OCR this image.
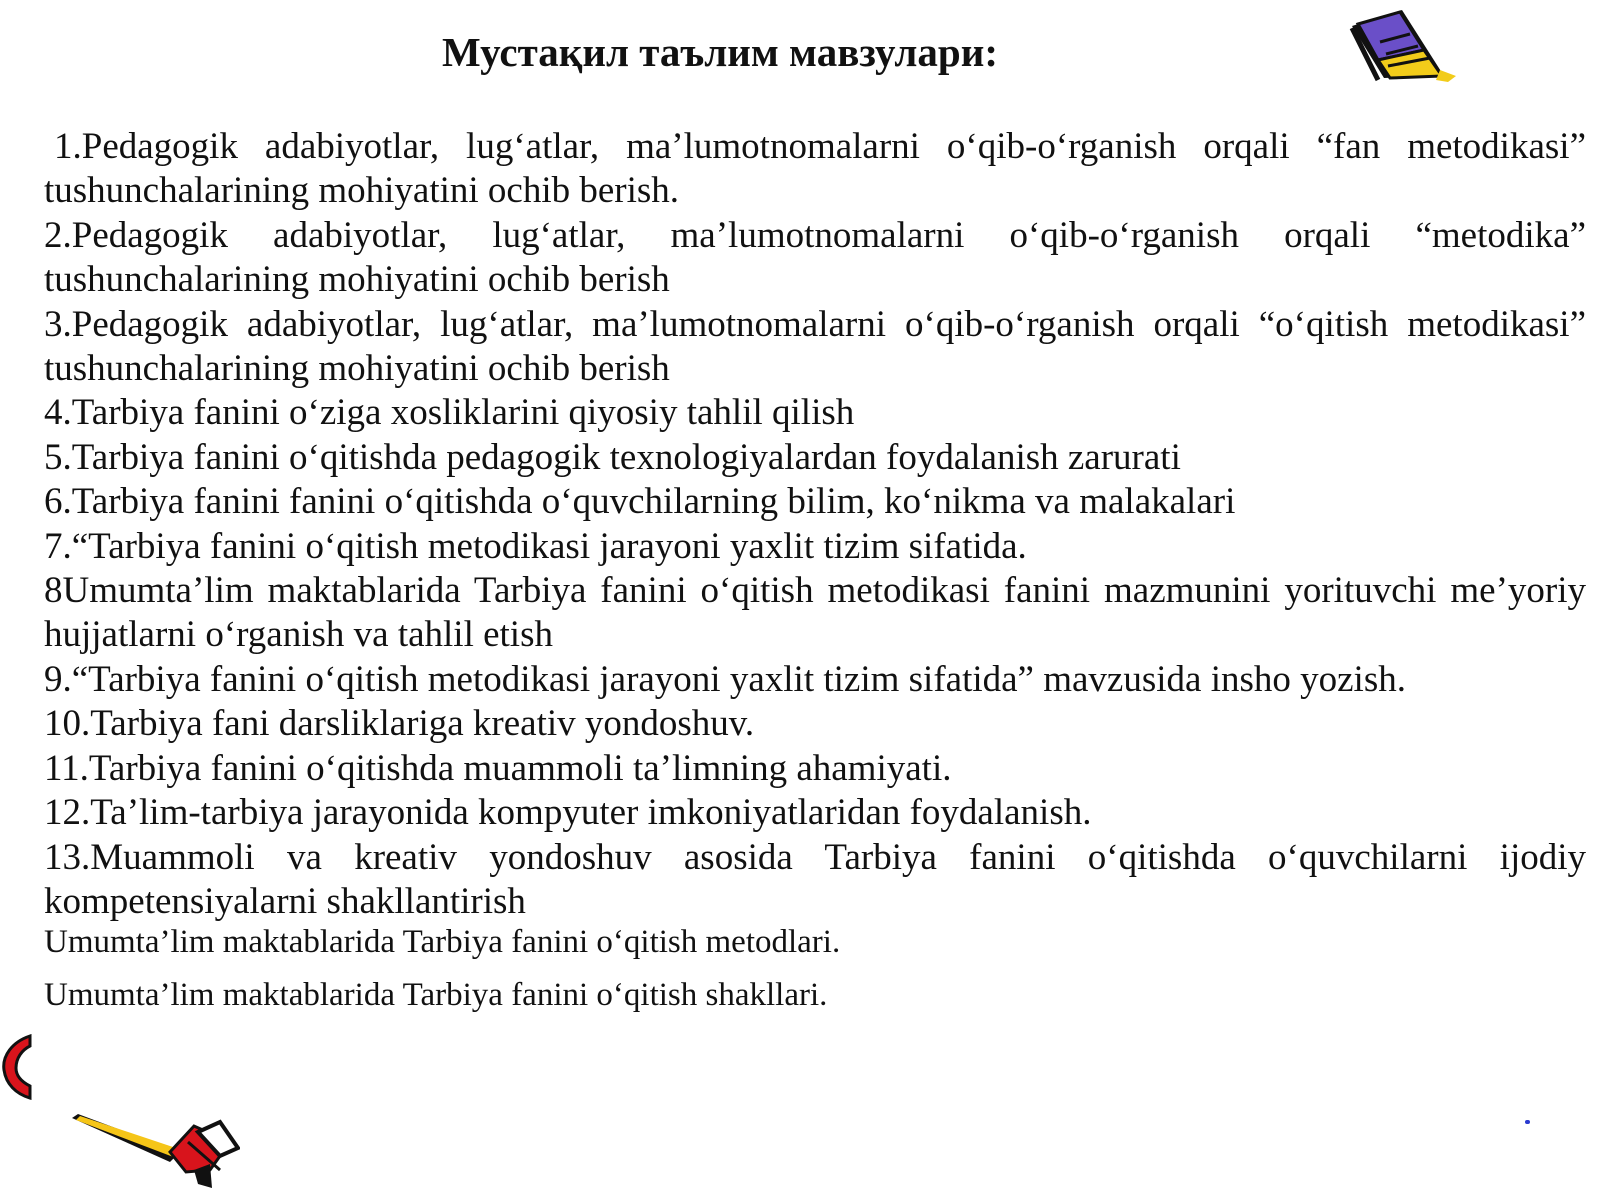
Мустақил таълим мавзулари:
1.Pedagogik adabiyotlar, lug‘atlar, ma’lumotnomalarni o‘qib-o‘rganish orqali “fan metodikasi” tushunchalarining mohiyatini ochib berish.
2.Pedagogik adabiyotlar, lug‘atlar, ma’lumotnomalarni o‘qib-o‘rganish orqali “metodika” tushunchalarining mohiyatini ochib berish
3.Pedagogik adabiyotlar, lug‘atlar, ma’lumotnomalarni o‘qib-o‘rganish orqali “o‘qitish metodikasi” tushunchalarining mohiyatini ochib berish
4.Tarbiya fanini o‘ziga xosliklarini qiyosiy tahlil qilish
5.Tarbiya fanini o‘qitishda pedagogik texnologiyalardan foydalanish zarurati
6.Tarbiya fanini fanini o‘qitishda o‘quvchilarning bilim, ko‘nikma va malakalari
7.“Tarbiya fanini o‘qitish metodikasi jarayoni yaxlit tizim sifatida.
8Umumta’lim maktablarida Tarbiya fanini o‘qitish metodikasi fanini mazmunini yorituvchi me’yoriy hujjatlarni o‘rganish va tahlil etish
9.“Tarbiya fanini o‘qitish metodikasi jarayoni yaxlit tizim sifatida” mavzusida insho yozish.
10.Tarbiya fani darsliklariga kreativ yondoshuv.
11.Tarbiya fanini o‘qitishda muammoli ta’limning ahamiyati.
12.Ta’lim-tarbiya jarayonida kompyuter imkoniyatlaridan foydalanish.
13.Muammoli va kreativ yondoshuv asosida Tarbiya fanini o‘qitishda o‘quvchilarni ijodiy kompetensiyalarni shakllantirish

Umumta’lim maktablarida Tarbiya fanini o‘qitish metodlari.

Umumta’lim maktablarida Tarbiya fanini o‘qitish shakllari.
